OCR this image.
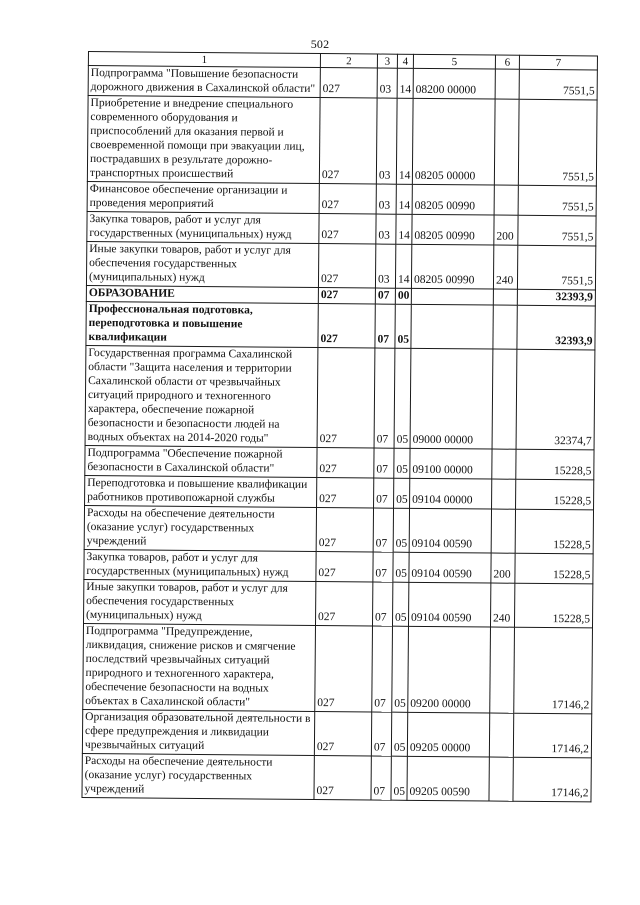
502
1	2	3	4	5	6	7
Подпрограмма "Повышение безопасности дорожного движения в Сахалинской области"	027	03	14	08200 00000		7551,5
Приобретение и внедрение специального современного оборудования и приспособлений для оказания первой и своевременной помощи при эвакуации лиц, пострадавших в результате дорожно-транспортных происшествий	027	03	14	08205 00000		7551,5
Финансовое обеспечение организации и проведения мероприятий	027	03	14	08205 00990		7551,5
Закупка товаров, работ и услуг для государственных (муниципальных) нужд	027	03	14	08205 00990	200	7551,5
Иные закупки товаров, работ и услуг для обеспечения государственных (муниципальных) нужд	027	03	14	08205 00990	240	7551,5
ОБРАЗОВАНИЕ	027	07	00			32393,9
Профессиональная подготовка, переподготовка и повышение квалификации	027	07	05			32393,9
Государственная программа Сахалинской области "Защита населения и территории Сахалинской области от чрезвычайных ситуаций природного и техногенного характера, обеспечение пожарной безопасности и безопасности людей на водных объектах на 2014-2020 годы"	027	07	05	09000 00000		32374,7
Подпрограмма "Обеспечение пожарной безопасности в Сахалинской области"	027	07	05	09100 00000		15228,5
Переподготовка и повышение квалификации работников противопожарной службы	027	07	05	09104 00000		15228,5
Расходы на обеспечение деятельности (оказание услуг) государственных учреждений	027	07	05	09104 00590		15228,5
Закупка товаров, работ и услуг для государственных (муниципальных) нужд	027	07	05	09104 00590	200	15228,5
Иные закупки товаров, работ и услуг для обеспечения государственных (муниципальных) нужд	027	07	05	09104 00590	240	15228,5
Подпрограмма "Предупреждение, ликвидация, снижение рисков и смягчение последствий чрезвычайных ситуаций природного и техногенного характера, обеспечение безопасности на водных объектах в Сахалинской области"	027	07	05	09200 00000		17146,2
Организация образовательной деятельности в сфере предупреждения и ликвидации чрезвычайных ситуаций	027	07	05	09205 00000		17146,2
Расходы на обеспечение деятельности (оказание услуг) государственных учреждений	027	07	05	09205 00590		17146,2
